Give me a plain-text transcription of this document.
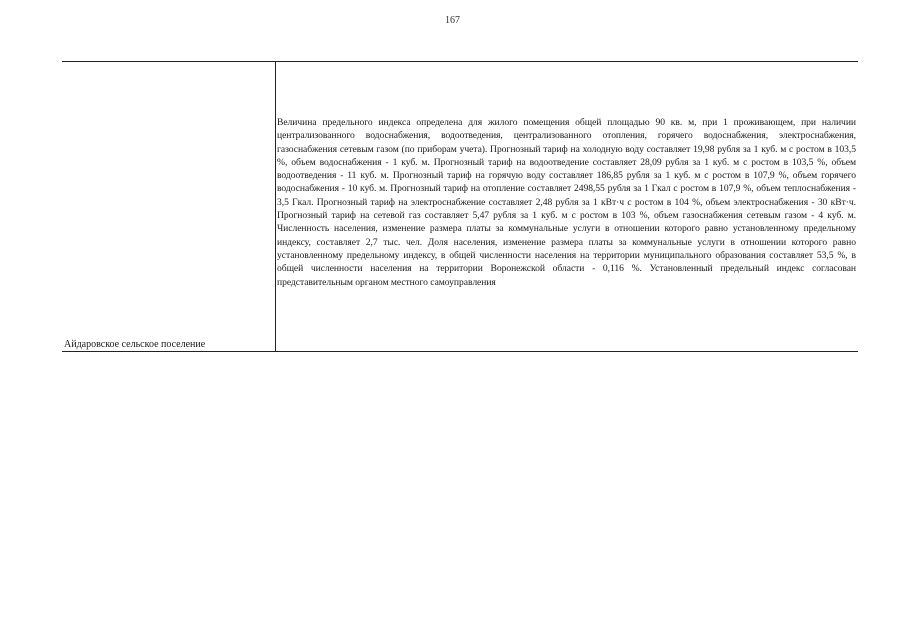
167
Айдаровское сельское поселение
Величина предельного индекса определена для жилого помещения общей площадью 90 кв. м, при 1 проживающем, при наличии централизованного водоснабжения, водоотведения, централизованного отопления, горячего водоснабжения, электроснабжения, газоснабжения сетевым газом (по приборам учета). Прогнозный тариф на холодную воду составляет 19,98 рубля за 1 куб. м с ростом в 103,5 %, объем водоснабжения - 1 куб. м. Прогнозный тариф на водоотведение составляет 28,09 рубля за 1 куб. м с ростом в 103,5 %, объем водоотведения - 11 куб. м. Прогнозный тариф на горячую воду составляет 186,85 рубля за 1 куб. м с ростом в 107,9 %, объем горячего водоснабжения - 10 куб. м. Прогнозный тариф на отопление составляет 2498,55 рубля за 1 Гкал с ростом в 107,9 %, объем теплоснабжения - 3,5 Гкал. Прогнозный тариф на электроснабжение составляет 2,48 рубля за 1 кВт·ч с ростом в 104 %, объем электроснабжения - 30 кВт·ч. Прогнозный тариф на сетевой газ составляет 5,47 рубля за 1 куб. м с ростом в 103 %, объем газоснабжения сетевым газом - 4 куб. м. Численность населения, изменение размера платы за коммунальные услуги в отношении которого равно установленному предельному индексу, составляет 2,7 тыс. чел. Доля населения, изменение размера платы за коммунальные услуги в отношении которого равно установленному предельному индексу, в общей численности населения на территории муниципального образования составляет 53,5 %, в общей численности населения на территории Воронежской области - 0,116 %. Установленный предельный индекс согласован представительным органом местного самоуправления
